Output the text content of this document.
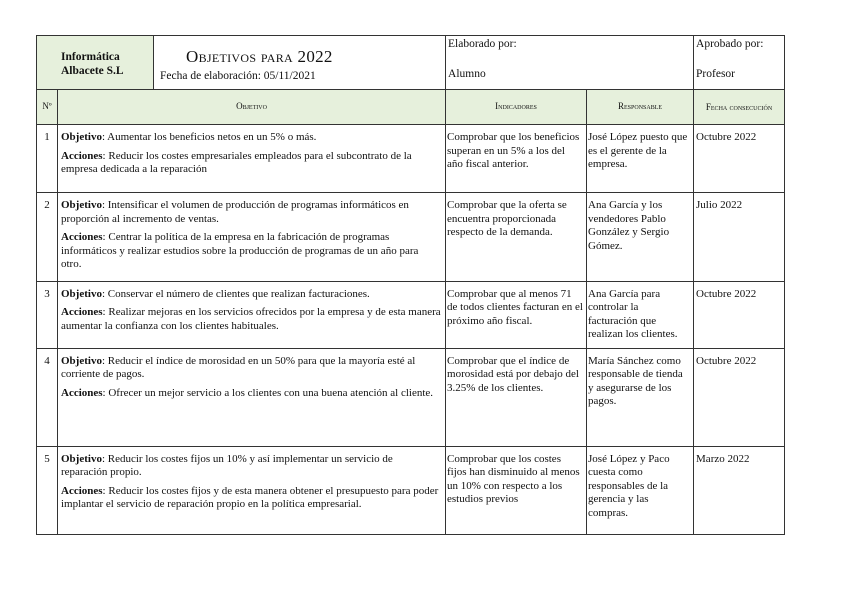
Informática Albacete S.L		Objetivos para 2022
Fecha de elaboración: 05/11/2021	Elaborado por:
Alumno		Aprobado por:
Profesor

Nº	Objetivo		Indicadores	Responsable	Fecha consecución
1	Objetivo: Aumentar los beneficios netos en un 5% o más.

Acciones: Reducir los costes empresariales empleados para el subcontrato de la empresa dedicada a la reparación		Comprobar que los beneficios superan en un 5% a los del año fiscal anterior.	José López puesto que es el gerente de la empresa.	Octubre 2022
2	Objetivo: Intensificar el volumen de producción de programas informáticos en proporción al incremento de ventas.

Acciones: Centrar la política de la empresa en la fabricación de programas informáticos y realizar estudios sobre la producción de programas de un año para otro.		Comprobar que la oferta se encuentra proporcionada respecto de la demanda.	Ana García y los vendedores Pablo González y Sergio Gómez.	Julio 2022
3	Objetivo: Conservar el número de clientes que realizan facturaciones.

Acciones: Realizar mejoras en los servicios ofrecidos por la empresa y de esta manera aumentar la confianza con los clientes habituales.		Comprobar que al menos 71 de todos clientes facturan en el próximo año fiscal.	Ana García para controlar la facturación que realizan los clientes.	Octubre 2022
4	Objetivo: Reducir el índice de morosidad en un 50% para que la mayoría esté al corriente de pagos.

Acciones: Ofrecer un mejor servicio a los clientes con una buena atención al cliente.		Comprobar que el índice de morosidad está por debajo del 3.25% de los clientes.	María Sánchez como responsable de tienda y asegurarse de los pagos.	Octubre 2022
5	Objetivo: Reducir los costes fijos un 10% y así implementar un servicio de reparación propio.

Acciones: Reducir los costes fijos y de esta manera obtener el presupuesto para poder implantar el servicio de reparación propio en la política empresarial.		Comprobar que los costes fijos han disminuido al menos un 10% con respecto a los estudios previos	José López y Paco cuesta como responsables de la gerencia y las compras.	Marzo 2022
